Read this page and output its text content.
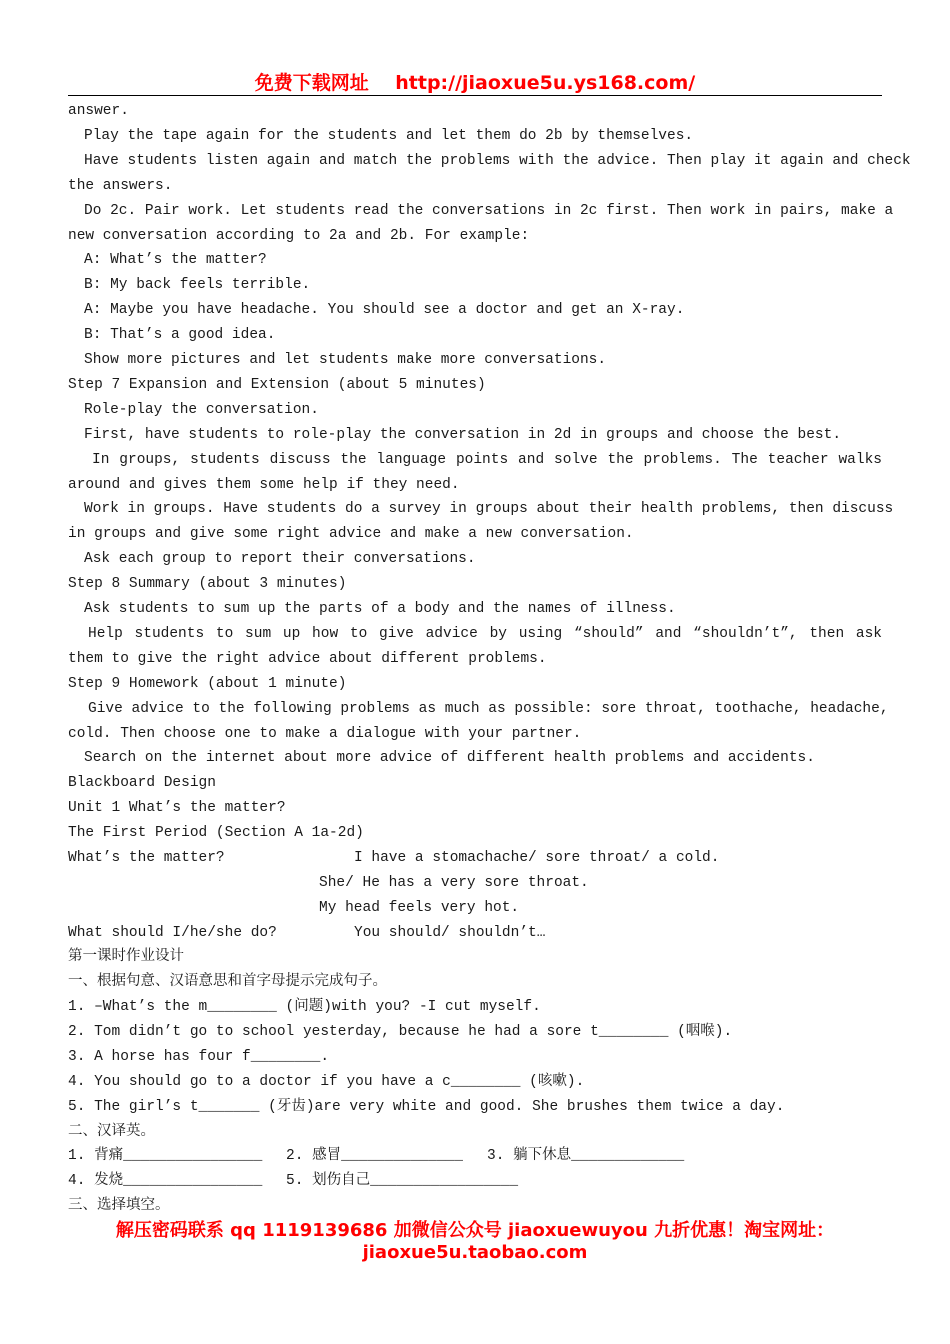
免费下载网址 http://jiaoxue5u.ys168.com/
answer.
Play the tape again for the students and let them do 2b by themselves.
Have students listen again and match the problems with the advice. Then play it again and check
the answers.
Do 2c. Pair work. Let students read the conversations in 2c first. Then work in pairs, make a
new conversation according to 2a and 2b. For example:
A: What’s the matter?
B: My back feels terrible.
A: Maybe you have headache. You should see a doctor and get an X-ray.
B: That’s a good idea.
Show more pictures and let students make more conversations.
Step 7 Expansion and Extension (about 5 minutes)
Role-play the conversation.
First, have students to role-play the conversation in 2d in groups and choose the best.
In groups, students discuss the language points and solve the problems. The teacher walks
around and gives them some help if they need.
Work in groups. Have students do a survey in groups about their health problems, then discuss
in groups and give some right advice and make a new conversation.
Ask each group to report their conversations.
Step 8 Summary (about 3 minutes)
Ask students to sum up the parts of a body and the names of illness.
Help students to sum up how to give advice by using “should” and “shouldn’t”, then ask
them to give the right advice about different problems.
Step 9 Homework (about 1 minute)
Give advice to the following problems as much as possible: sore throat, toothache, headache,
cold. Then choose one to make a dialogue with your partner.
Search on the internet about more advice of different health problems and accidents.
Blackboard Design
Unit 1 What’s the matter?
The First Period (Section A 1a-2d)
What’s the matter?	I have a stomachache/ sore throat/ a cold.
She/ He has a very sore throat.
My head feels very hot.
What should I/he/she do?	You should/ shouldn’t…
第一课时作业设计
一、根据句意、汉语意思和首字母提示完成句子。
1. –What’s the m________ (问题)with you? -I cut myself.
2. Tom didn’t go to school yesterday, because he had a sore t________ (咽喉).
3. A horse has four f________.
4. You should go to a doctor if you have a c________ (咳嗽).
5. The girl’s t_______ (牙齿)are very white and good. She brushes them twice a day.
二、汉译英。
1. 背痛________________ 2. 感冒______________ 3. 躺下休息_____________
4. 发烧________________ 5. 划伤自己_________________
三、选择填空。
解压密码联系 qq 1119139686 加微信公众号 jiaoxuewuyou 九折优惠！淘宝网址：
jiaoxue5u.taobao.com
